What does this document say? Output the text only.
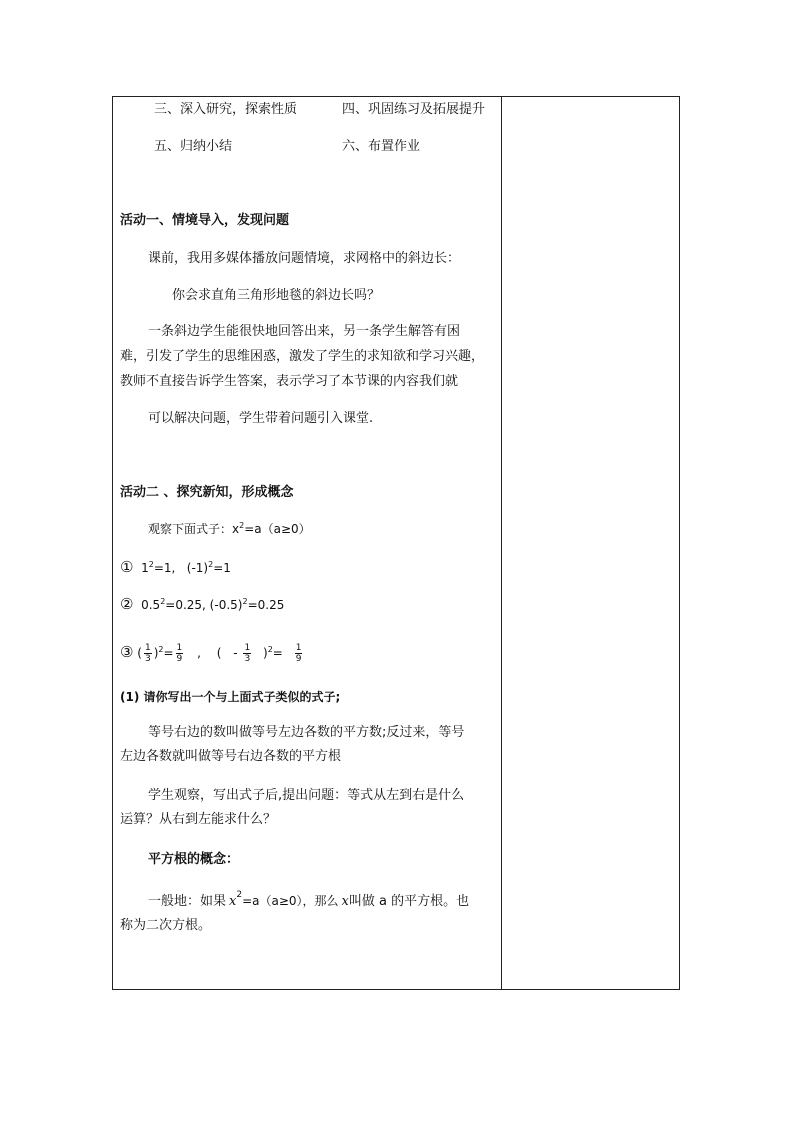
三、深入研究，探索性质	四、巩固练习及拓展提升
五、归纳小结	六、布置作业
活动一、情境导入，发现问题
课前，我用多媒体播放问题情境，求网格中的斜边长：
你会求直角三角形地毯的斜边长吗？
一条斜边学生能很快地回答出来，另一条学生解答有困
难，引发了学生的思维困惑，激发了学生的求知欲和学习兴趣，
教师不直接告诉学生答案，表示学习了本节课的内容我们就
可以解决问题，学生带着问题引入课堂.
活动二 、探究新知，形成概念
观察下面式子：$x^2=a(a\ge 0)$
① $1^2=1$,   $(-1)^2=1$
② $0.5^2=0.25$, $(-0.5)^2=0.25$
③ ( $\frac{1}{3} )^2= \frac{1}{9}$ , ( - $\frac{1}{3} )^2= \frac{1}{9}$
(1) 请你写出一个与上面式子类似的式子;
等号右边的数叫做等号左边各数的平方数;反过来，等号
左边各数就叫做等号右边各数的平方根
学生观察，写出式子后,提出问题：等式从左到右是什么
运算？从右到左能求什么？
平方根的概念：
一般地：如果 $x^2=a(a\ge 0)$，那么 x叫做 a 的平方根。也
称为二次方根。
